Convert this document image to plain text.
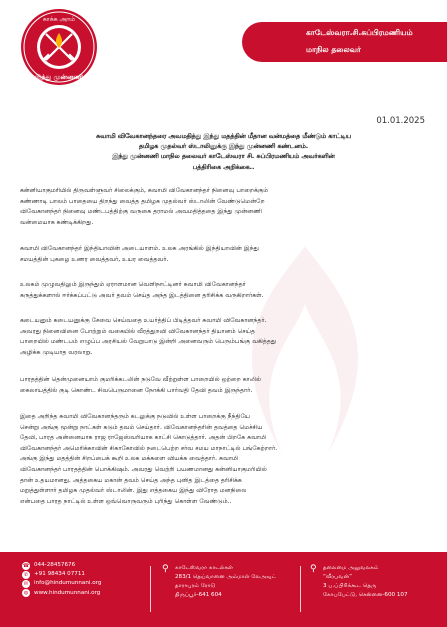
காக்க அறம்
இந்து முன்னணி
காடேஸ்வரா.சி.சுப்பிரமணியம்
மாநில தலைவர்
01.01.2025
சுவாமி விவேகானந்தரை அவமதித்து இந்து மதத்தின் மீதான வன்மத்தை மீண்டும் காட்டிய
தமிழக முதல்வர் ஸ்டாலினுக்கு இந்து முன்னணி கண்டனம்.
இந்து முன்னணி மாநில தலைவர் காடேஸ்வரா சி. சுப்பிரமணியம் அவர்களின்
பத்திரிகை அறிக்கை..
கன்னியாகுமரியில் திருவள்ளுவர் சிலைக்கும், சுவாமி விவேகானந்தர் நினைவு பாறைக்கும்
கண்ணாடி பாலம் பாதையை திறந்து வைத்த தமிழக முதல்வர் ஸ்டாலின் வேண்டுமென்றே
விவேகானந்தர் நினைவு மண்டபத்திற்கு வருகை தராமல் அவமதித்ததை இந்து முன்னணி
வன்மையாக கண்டிக்கிறது.
சுவாமி விவேகானந்தர் இந்தியாவின் அடையாளம். உலக அரங்கில் இந்தியாவின் இந்து
சமயத்தின் புகழை உணர வைத்தவர், உயர வைத்தவர்.
உலகம் முழுவதிலும் இருந்தும் ஏராளமான வெளிநாட்டினர் சுவாமி விவேகானந்தர்
கருத்துக்களால் ஈர்க்கப்பட்டு அவர் தவம் செய்த அந்த இடத்தினை தரிசிக்க வருகிறார்கள்.
கடையனும் கடையனுக்கு சேவை செய்வதை உயர்த்திப் பிடித்தவர் சுவாமி விவேகானந்தர்.
அவரது நினைவினை போற்றும் வகையில் வீரத்துறவி விவேகானந்தர் தியானம் செய்த
பாறையில் மண்டபம் எழுப்ப அரசியல் வேறுபாடு இன்றி அனைவரும் பெரும்பங்கு வகித்தது
அழிக்க முடியாத வரலாறு.
பாரதத்தின் தென்முனையாம் குமரிக்கடலின் நடுவே வீற்றுள்ள பாறையில் ஒற்றை காலில்
கைலாயத்தில் குடி கொண்ட சிவபெருமானை நோக்கி பார்வதி தேவி தவம் இருந்தார்.
இதை அறிந்த சுவாமி விவேகானந்தரும் கடலுக்கு நடுவில் உள்ள பாறைக்கு நீந்தியே
சென்று அங்கு மூன்று நாட்கள் கடும் தவம் செய்தார். விவேகானந்தரின் தவத்தை மெச்சிய
தேவி, பாரத அன்னையாக ராஜ ராஜேஸ்வரியாக காட்சி கொடுத்தார். அதன் பிறகே சுவாமி
விவேகானந்தர் அமெரிக்காவின் சிகாகோவில் நடைபெற்ற சர்வ சமய மாநாட்டில் பங்கேற்றார்.
அங்கு இந்து மதத்தின் சிறப்பைக் கூறி உலக மக்களை வியக்க வைத்தார். சுவாமி
விவேகானந்தர் பாரதத்தின் பொக்கிஷம். அவரது வெற்றி பயணமானது கன்னியாகுமரியில்
தான் உதயமானது. அத்தகைய மகான் தவம் செய்த அந்த புனித இடத்தை தரிசிக்க
மறுத்துள்ளார் தமிழக முதல்வர் ஸ்டாலின். இது எத்தகைய இந்து விரோத மனநிலை
என்பதை பாரத நாட்டில் உள்ள ஒவ்வொருவரும் புரிந்து கொள்ள வேண்டும்..
☎ 044-28457676
✆	+91 98434 07711
✉	info@hindumunnani.org
◍	www.hindumunnani.org
⚲	காடேஸ்வரா காடல்கள்
283/1 தெய்வானை அம்மாள் லேஅவுட்
தாராபுரம் ரோடு
திருப்பூர்-641 604
⚲	தலைமை அலுவலகம்
“வீரபவன்”
3 ப.ப்பிரிக்கூட தெரு
கோபபேட்டு, சென்னை-600 107
